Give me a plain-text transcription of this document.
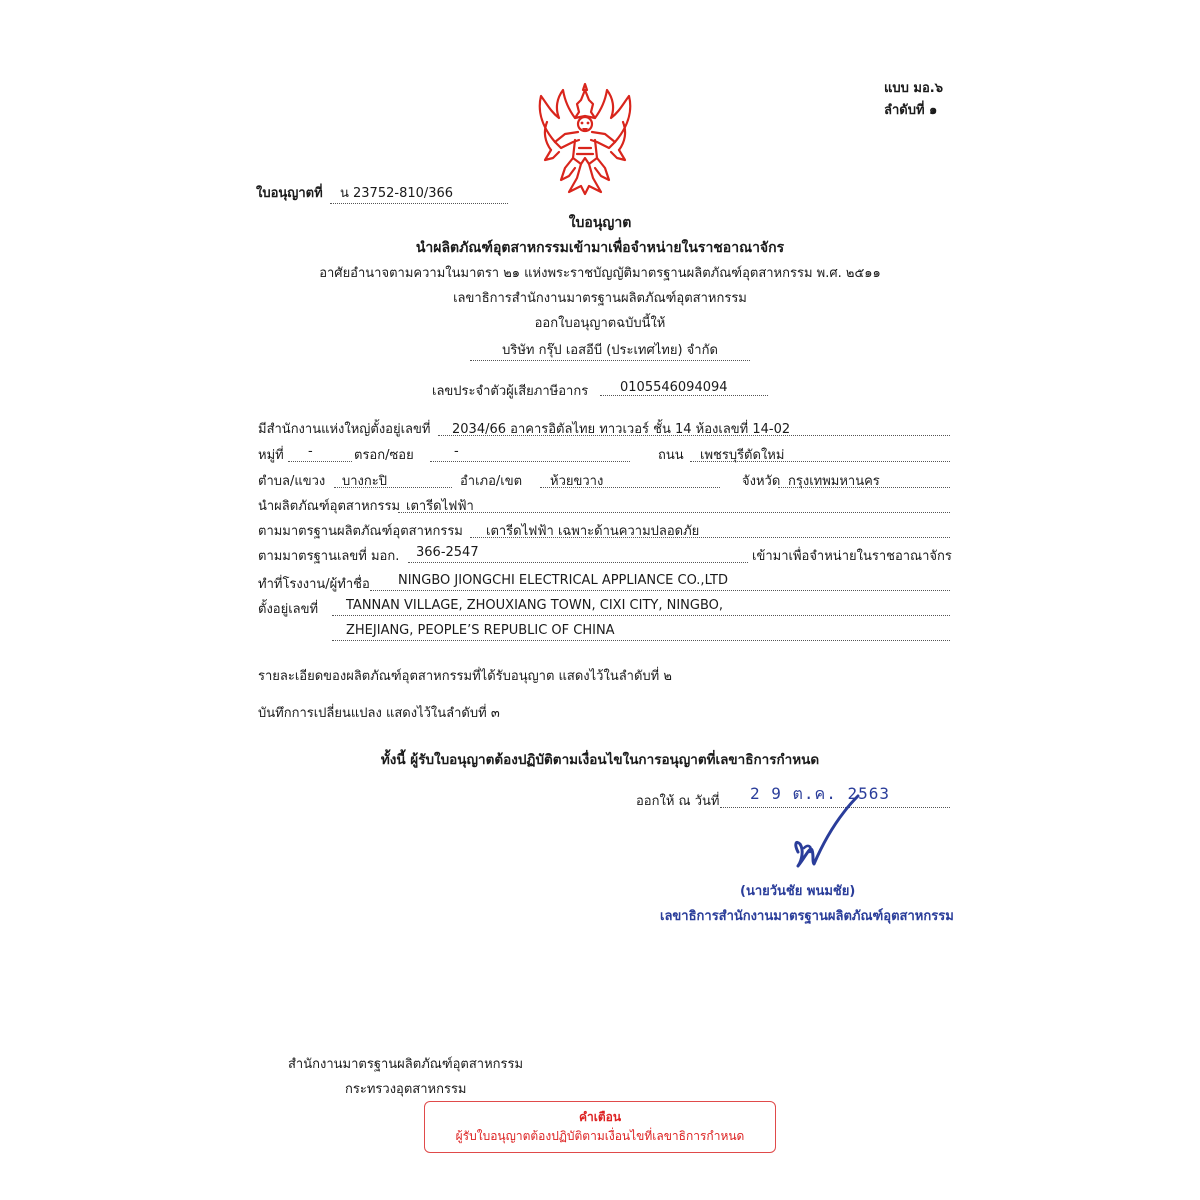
แบบ มอ.๖
ลำดับที่ ๑
ใบอนุญาตที่	น 23752-810/366
ใบอนุญาต
นำผลิตภัณฑ์อุตสาหกรรมเข้ามาเพื่อจำหน่ายในราชอาณาจักร
อาศัยอำนาจตามความในมาตรา ๒๑ แห่งพระราชบัญญัติมาตรฐานผลิตภัณฑ์อุตสาหกรรม พ.ศ. ๒๕๑๑
เลขาธิการสำนักงานมาตรฐานผลิตภัณฑ์อุตสาหกรรม
ออกใบอนุญาตฉบับนี้ให้
บริษัท กรุ๊ป เอสอีบี (ประเทศไทย) จำกัด
เลขประจำตัวผู้เสียภาษีอากร	0105546094094
มีสำนักงานแห่งใหญ่ตั้งอยู่เลขที่	2034/66 อาคารอิตัลไทย ทาวเวอร์ ชั้น 14 ห้องเลขที่ 14-02
หมู่ที่	-	ตรอก/ซอย	-	ถนน	เพชรบุรีตัดใหม่
ตำบล/แขวง	บางกะปิ	อำเภอ/เขต	ห้วยขวาง	จังหวัด กรุงเทพมหานคร
นำผลิตภัณฑ์อุตสาหกรรม เตารีดไฟฟ้า
ตามมาตรฐานผลิตภัณฑ์อุตสาหกรรม	เตารีดไฟฟ้า เฉพาะด้านความปลอดภัย
ตามมาตรฐานเลขที่ มอก.	366-2547	เข้ามาเพื่อจำหน่ายในราชอาณาจักร
ทำที่โรงงาน/ผู้ทำชื่อ	NINGBO JIONGCHI ELECTRICAL APPLIANCE CO.,LTD
ตั้งอยู่เลขที่	TANNAN VILLAGE, ZHOUXIANG TOWN, CIXI CITY, NINGBO,
ZHEJIANG, PEOPLE’S REPUBLIC OF CHINA
รายละเอียดของผลิตภัณฑ์อุตสาหกรรมที่ได้รับอนุญาต แสดงไว้ในลำดับที่ ๒
บันทึกการเปลี่ยนแปลง แสดงไว้ในลำดับที่ ๓
ทั้งนี้ ผู้รับใบอนุญาตต้องปฏิบัติตามเงื่อนไขในการอนุญาตที่เลขาธิการกำหนด
ออกให้ ณ วันที่	2 9 ต.ค. 2563
(นายวันชัย พนมชัย)
เลขาธิการสำนักงานมาตรฐานผลิตภัณฑ์อุตสาหกรรม
สำนักงานมาตรฐานผลิตภัณฑ์อุตสาหกรรม
กระทรวงอุตสาหกรรม
คำเตือน
ผู้รับใบอนุญาตต้องปฏิบัติตามเงื่อนไขที่เลขาธิการกำหนด
